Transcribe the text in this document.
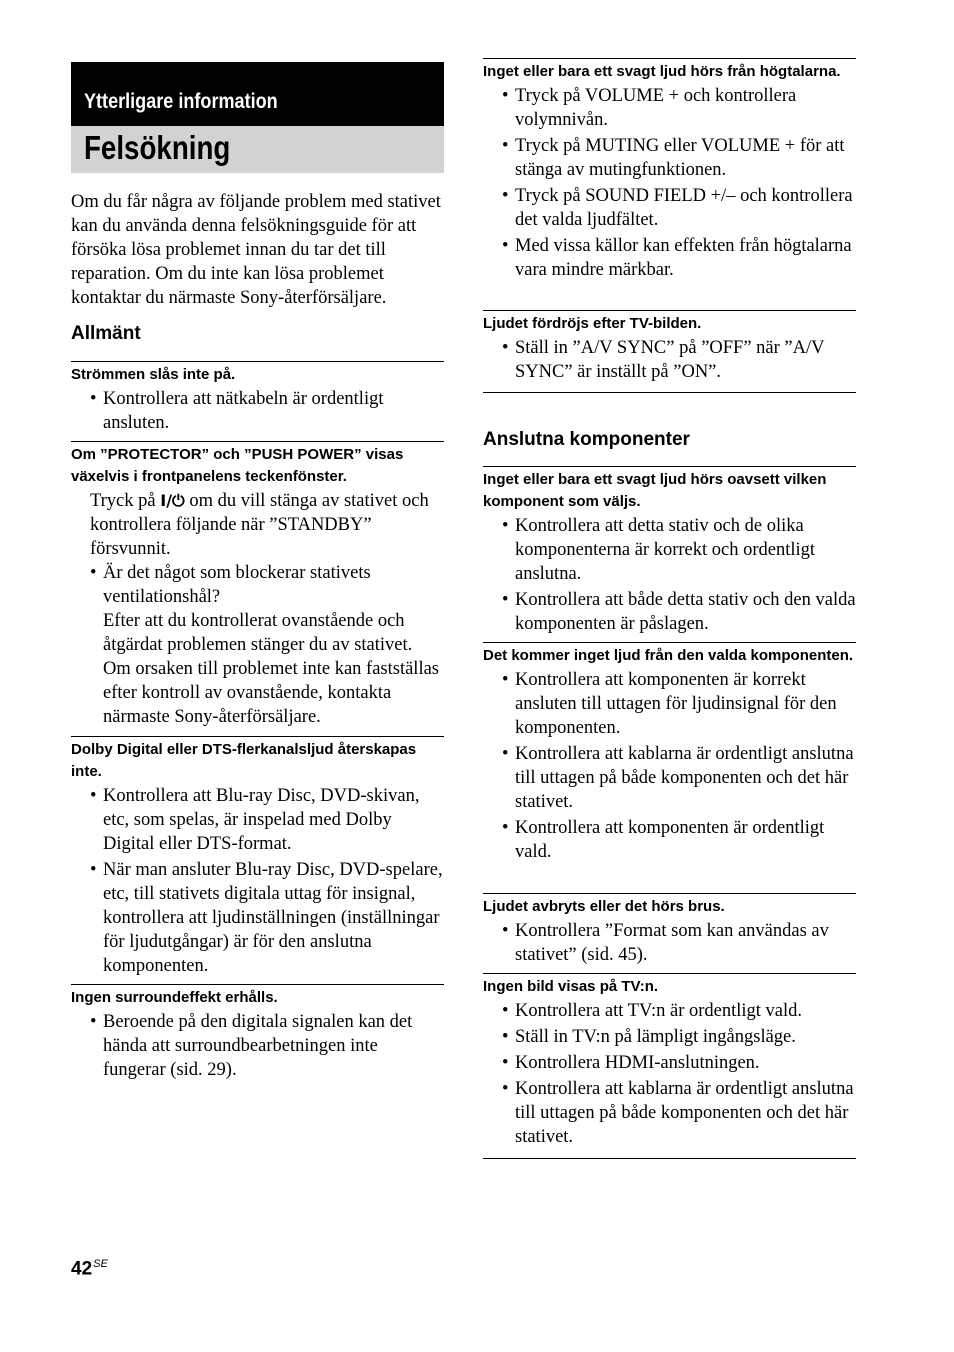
Ytterligare information
Felsökning
Om du får några av följande problem med stativet kan du använda denna felsökningsguide för att försöka lösa problemet innan du tar det till reparation. Om du inte kan lösa problemet kontaktar du närmaste Sony-återförsäljare.
Allmänt
Strömmen slås inte på.
• Kontrollera att nätkabeln är ordentligt ansluten.
Om ”PROTECTOR” och ”PUSH POWER” visas växelvis i frontpanelens teckenfönster.
Tryck på I/⏻ om du vill stänga av stativet och kontrollera följande när ”STANDBY” försvunnit.
• Är det något som blockerar stativets ventilationshål?
Efter att du kontrollerat ovanstående och åtgärdat problemen stänger du av stativet. Om orsaken till problemet inte kan fastställas efter kontroll av ovanstående, kontakta närmaste Sony-återförsäljare.
Dolby Digital eller DTS-flerkanalsljud återskapas inte.
• Kontrollera att Blu-ray Disc, DVD-skivan, etc, som spelas, är inspelad med Dolby Digital eller DTS-format.
• När man ansluter Blu-ray Disc, DVD-spelare, etc, till stativets digitala uttag för insignal, kontrollera att ljudinställningen (inställningar för ljudutgångar) är för den anslutna komponenten.
Ingen surroundeffekt erhålls.
• Beroende på den digitala signalen kan det hända att surroundbearbetningen inte fungerar (sid. 29).
Inget eller bara ett svagt ljud hörs från högtalarna.
• Tryck på VOLUME + och kontrollera volymnivån.
• Tryck på MUTING eller VOLUME + för att stänga av mutingfunktionen.
• Tryck på SOUND FIELD +/– och kontrollera det valda ljudfältet.
• Med vissa källor kan effekten från högtalarna vara mindre märkbar.
Ljudet fördröjs efter TV-bilden.
• Ställ in ”A/V SYNC” på ”OFF” när ”A/V SYNC” är inställt på ”ON”.
Anslutna komponenter
Inget eller bara ett svagt ljud hörs oavsett vilken komponent som väljs.
• Kontrollera att detta stativ och de olika komponenterna är korrekt och ordentligt anslutna.
• Kontrollera att både detta stativ och den valda komponenten är påslagen.
Det kommer inget ljud från den valda komponenten.
• Kontrollera att komponenten är korrekt ansluten till uttagen för ljudinsignal för den komponenten.
• Kontrollera att kablarna är ordentligt anslutna till uttagen på både komponenten och det här stativet.
• Kontrollera att komponenten är ordentligt vald.
Ljudet avbryts eller det hörs brus.
• Kontrollera ”Format som kan användas av stativet” (sid. 45).
Ingen bild visas på TV:n.
• Kontrollera att TV:n är ordentligt vald.
• Ställ in TV:n på lämpligt ingångsläge.
• Kontrollera HDMI-anslutningen.
• Kontrollera att kablarna är ordentligt anslutna till uttagen på både komponenten och det här stativet.
$42^{SE}$
